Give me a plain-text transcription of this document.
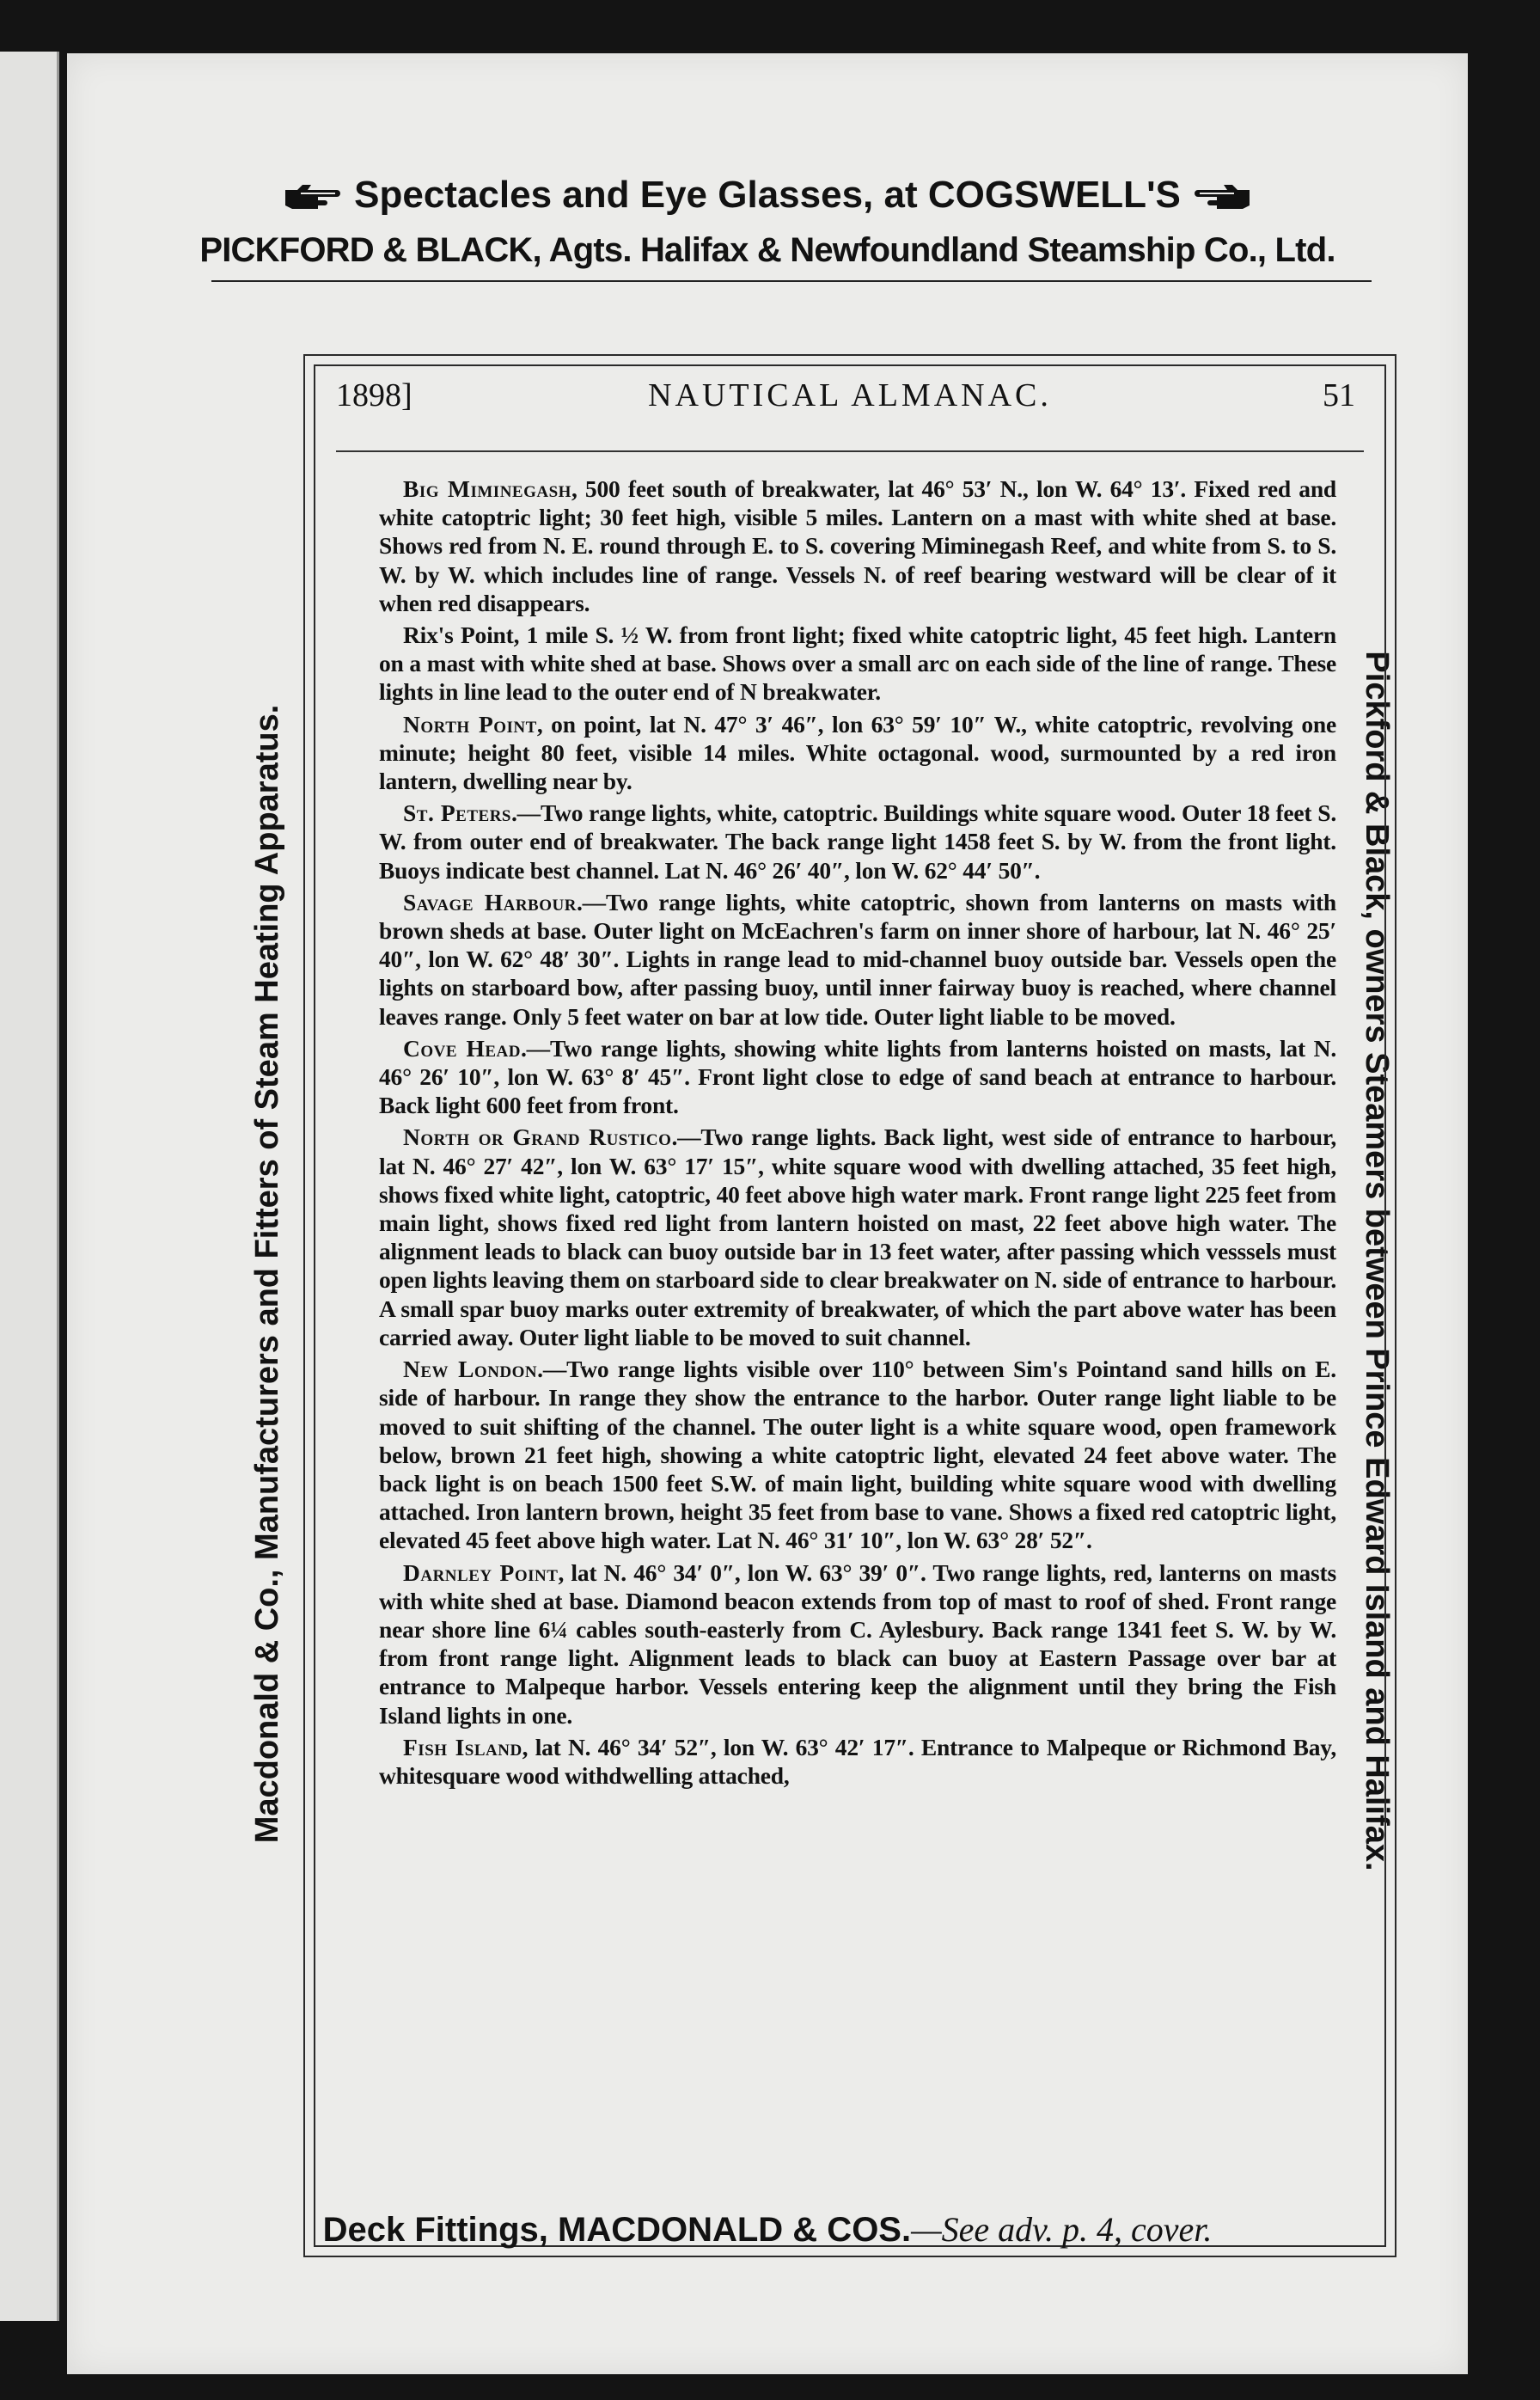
Spectacles and Eye Glasses, at COGSWELL'S
PICKFORD & BLACK, Agts. Halifax & Newfoundland Steamship Co., Ltd.
Macdonald & Co., Manufacturers and Fitters of Steam Heating Apparatus.	Pickford & Black, owners Steamers between Prince Edward Island and Halifax.
1898]	NAUTICAL ALMANAC.	51

Big Miminegash, 500 feet south of breakwater, lat 46° 53′ N., lon W. 64° 13′. Fixed red and white catoptric light; 30 feet high, visible 5 miles. Lantern on a mast with white shed at base. Shows red from N. E. round through E. to S. covering Miminegash Reef, and white from S. to S. W. by W. which includes line of range. Vessels N. of reef bearing westward will be clear of it when red disappears.

Rix's Point, 1 mile S. ½ W. from front light; fixed white catoptric light, 45 feet high. Lantern on a mast with white shed at base. Shows over a small arc on each side of the line of range. These lights in line lead to the outer end of N breakwater.

North Point, on point, lat N. 47° 3′ 46″, lon 63° 59′ 10″ W., white catoptric, revolving one minute; height 80 feet, visible 14 miles. White octagonal. wood, surmounted by a red iron lantern, dwelling near by.

St. Peters.—Two range lights, white, catoptric. Buildings white square wood. Outer 18 feet S. W. from outer end of breakwater. The back range light 1458 feet S. by W. from the front light. Buoys indicate best channel. Lat N. 46° 26′ 40″, lon W. 62° 44′ 50″.

Savage Harbour.—Two range lights, white catoptric, shown from lanterns on masts with brown sheds at base. Outer light on McEachren's farm on inner shore of harbour, lat N. 46° 25′ 40″, lon W. 62° 48′ 30″. Lights in range lead to mid-channel buoy outside bar. Vessels open the lights on starboard bow, after passing buoy, until inner fairway buoy is reached, where channel leaves range. Only 5 feet water on bar at low tide. Outer light liable to be moved.

Cove Head.—Two range lights, showing white lights from lanterns hoisted on masts, lat N. 46° 26′ 10″, lon W. 63° 8′ 45″. Front light close to edge of sand beach at entrance to harbour. Back light 600 feet from front.

North or Grand Rustico.—Two range lights. Back light, west side of entrance to harbour, lat N. 46° 27′ 42″, lon W. 63° 17′ 15″, white square wood with dwelling attached, 35 feet high, shows fixed white light, catoptric, 40 feet above high water mark. Front range light 225 feet from main light, shows fixed red light from lantern hoisted on mast, 22 feet above high water. The alignment leads to black can buoy outside bar in 13 feet water, after passing which vesssels must open lights leaving them on starboard side to clear breakwater on N. side of entrance to harbour. A small spar buoy marks outer extremity of breakwater, of which the part above water has been carried away. Outer light liable to be moved to suit channel.

New London.—Two range lights visible over 110° between Sim's Pointand sand hills on E. side of harbour. In range they show the entrance to the harbor. Outer range light liable to be moved to suit shifting of the channel. The outer light is a white square wood, open framework below, brown 21 feet high, showing a white catoptric light, elevated 24 feet above water. The back light is on beach 1500 feet S.W. of main light, building white square wood with dwelling attached. Iron lantern brown, height 35 feet from base to vane. Shows a fixed red catoptric light, elevated 45 feet above high water. Lat N. 46° 31′ 10″, lon W. 63° 28′ 52″.

Darnley Point, lat N. 46° 34′ 0″, lon W. 63° 39′ 0″. Two range lights, red, lanterns on masts with white shed at base. Diamond beacon extends from top of mast to roof of shed. Front range near shore line 6¼ cables south-easterly from C. Aylesbury. Back range 1341 feet S. W. by W. from front range light. Alignment leads to black can buoy at Eastern Passage over bar at entrance to Malpeque harbor. Vessels entering keep the alignment until they bring the Fish Island lights in one.

Fish Island, lat N. 46° 34′ 52″, lon W. 63° 42′ 17″. Entrance to Malpeque or Richmond Bay, whitesquare wood withdwelling attached,

Deck Fittings, MACDONALD & COS.—See adv. p. 4, cover.
